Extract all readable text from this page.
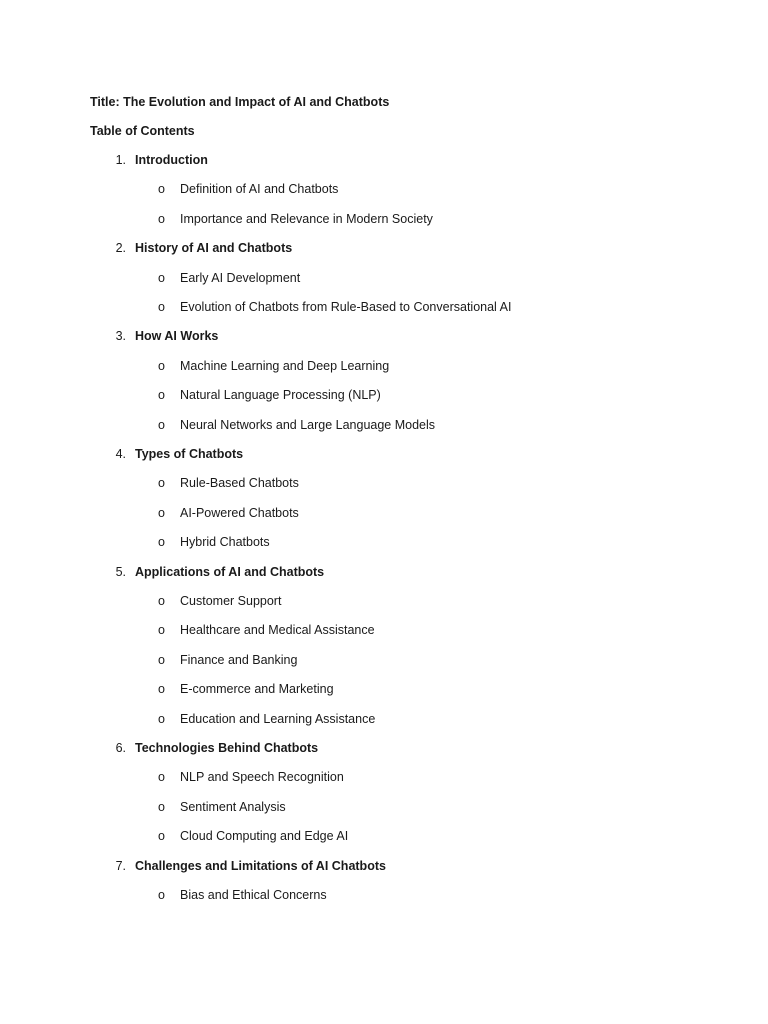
Title: The Evolution and Impact of AI and Chatbots
Table of Contents
1. Introduction
o Definition of AI and Chatbots
o Importance and Relevance in Modern Society
2. History of AI and Chatbots
o Early AI Development
o Evolution of Chatbots from Rule-Based to Conversational AI
3. How AI Works
o Machine Learning and Deep Learning
o Natural Language Processing (NLP)
o Neural Networks and Large Language Models
4. Types of Chatbots
o Rule-Based Chatbots
o AI-Powered Chatbots
o Hybrid Chatbots
5. Applications of AI and Chatbots
o Customer Support
o Healthcare and Medical Assistance
o Finance and Banking
o E-commerce and Marketing
o Education and Learning Assistance
6. Technologies Behind Chatbots
o NLP and Speech Recognition
o Sentiment Analysis
o Cloud Computing and Edge AI
7. Challenges and Limitations of AI Chatbots
o Bias and Ethical Concerns
